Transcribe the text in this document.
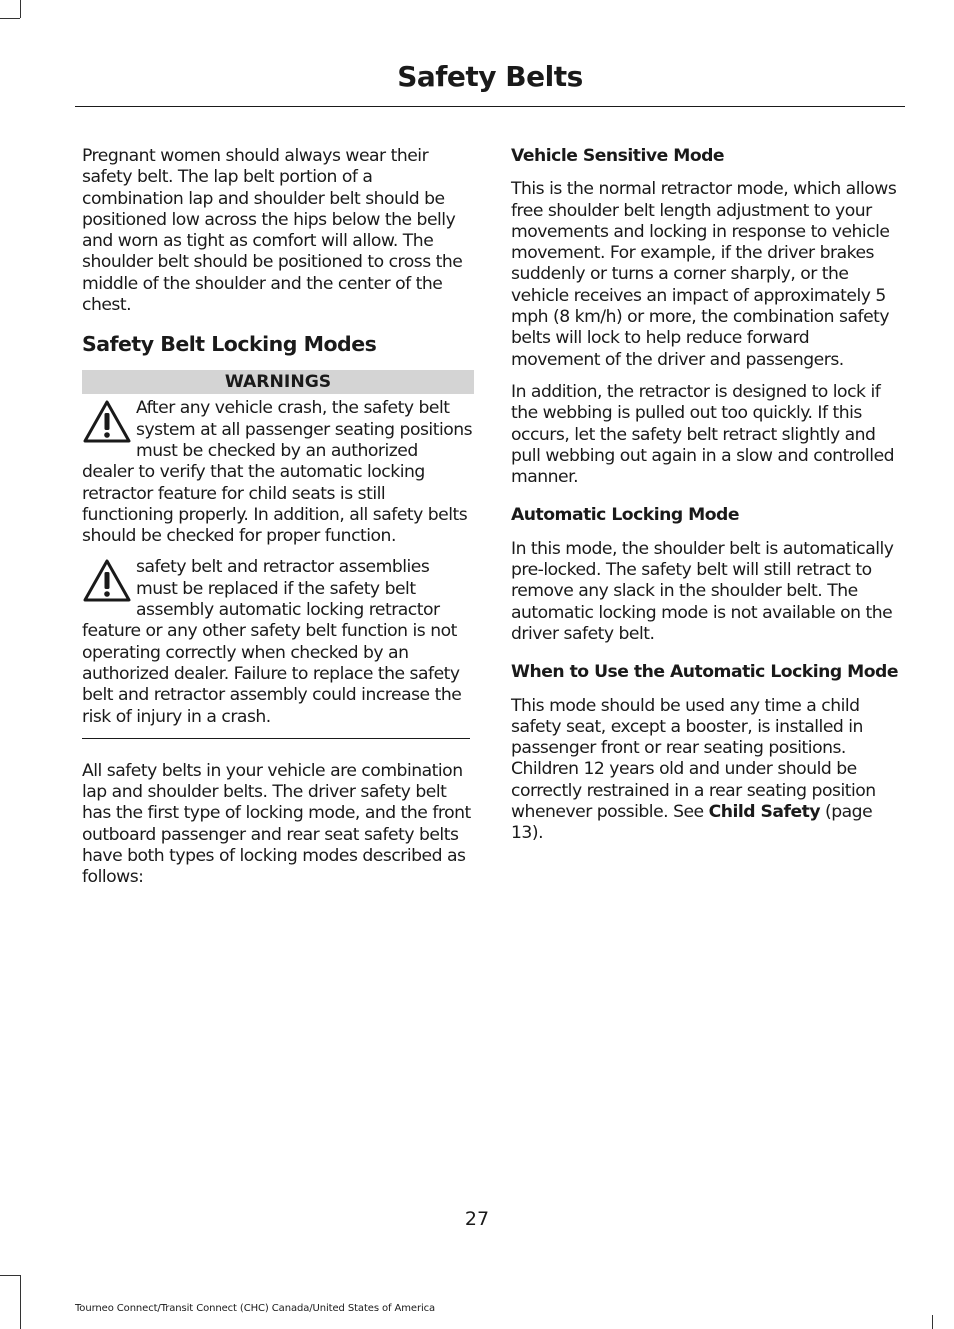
Safety Belts

Pregnant women should always wear their safety belt. The lap belt portion of a combination lap and shoulder belt should be positioned low across the hips below the belly and worn as tight as comfort will allow. The shoulder belt should be positioned to cross the middle of the shoulder and the center of the chest.

Safety Belt Locking Modes
WARNINGS
After any vehicle crash, the safety belt system at all passenger seating positions must be checked by an authorized dealer to verify that the automatic locking retractor feature for child seats is still functioning properly. In addition, all safety belts should be checked for proper function.
safety belt and retractor assemblies must be replaced if the safety belt assembly automatic locking retractor feature or any other safety belt function is not operating correctly when checked by an authorized dealer. Failure to replace the safety belt and retractor assembly could increase the risk of injury in a crash.

All safety belts in your vehicle are combination lap and shoulder belts. The driver safety belt has the first type of locking mode, and the front outboard passenger and rear seat safety belts have both types of locking modes described as follows:

Vehicle Sensitive Mode

This is the normal retractor mode, which allows free shoulder belt length adjustment to your movements and locking in response to vehicle movement. For example, if the driver brakes suddenly or turns a corner sharply, or the vehicle receives an impact of approximately 5 mph (8 km/h) or more, the combination safety belts will lock to help reduce forward movement of the driver and passengers.

In addition, the retractor is designed to lock if the webbing is pulled out too quickly. If this occurs, let the safety belt retract slightly and pull webbing out again in a slow and controlled manner.

Automatic Locking Mode

In this mode, the shoulder belt is automatically pre-locked. The safety belt will still retract to remove any slack in the shoulder belt. The automatic locking mode is not available on the driver safety belt.

When to Use the Automatic Locking Mode

This mode should be used any time a child safety seat, except a booster, is installed in passenger front or rear seating positions. Children 12 years old and under should be correctly restrained in a rear seating position whenever possible. See Child Safety (page 13).

27
Tourneo Connect/Transit Connect (CHC) Canada/United States of America
